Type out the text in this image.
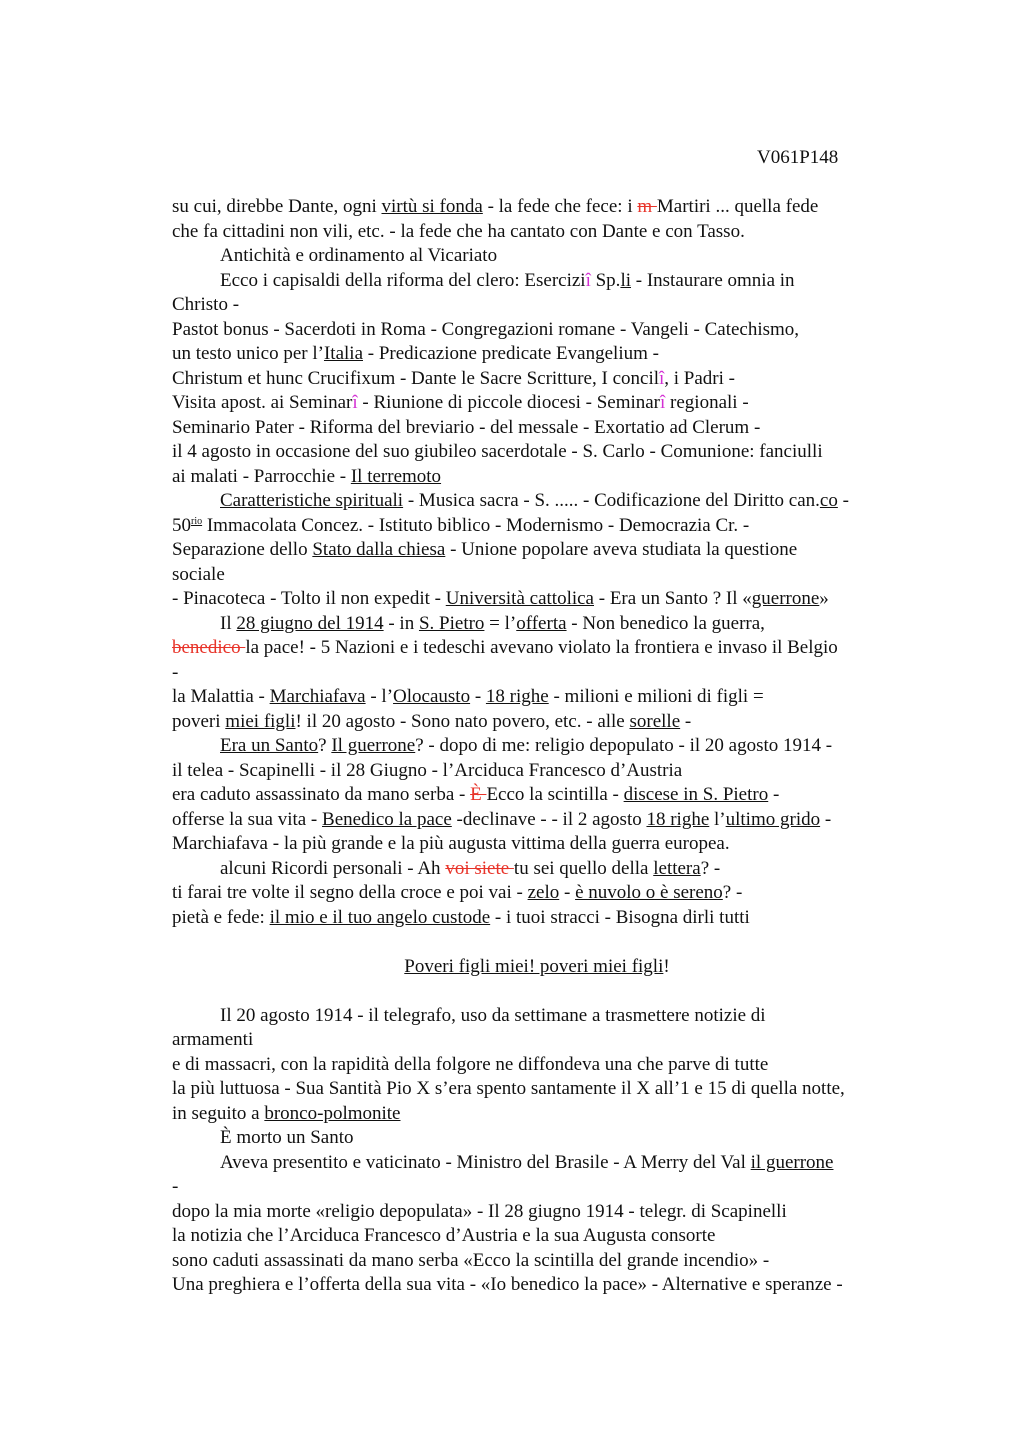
V061P148
su cui, direbbe Dante, ogni virtù si fonda - la fede che fece: i m Martiri ... quella fede
che fa cittadini non vili, etc. - la fede che ha cantato con Dante e con Tasso.
Antichità e ordinamento al Vicariato
Ecco i capisaldi della riforma del clero: Eserciziî Sp.li - Instaurare omnia in
Christo -
Pastot bonus - Sacerdoti in Roma - Congregazioni romane - Vangeli - Catechismo,
un testo unico per l’Italia - Predicazione predicate Evangelium -
Christum et hunc Crucifixum - Dante le Sacre Scritture, I concilî, i Padri -
Visita apost. ai Seminarî - Riunione di piccole diocesi - Seminarî regionali -
Seminario Pater - Riforma del breviario - del messale - Exortatio ad Clerum -
il 4 agosto in occasione del suo giubileo sacerdotale - S. Carlo - Comunione: fanciulli
ai malati - Parrocchie - Il terremoto
Caratteristiche spirituali - Musica sacra - S. ..... - Codificazione del Diritto can.co -
$50^{rio}$ Immacolata Concez. - Istituto biblico - Modernismo - Democrazia Cr. -
Separazione dello Stato dalla chiesa - Unione popolare aveva studiata la questione
sociale
- Pinacoteca - Tolto il non expedit - Università cattolica - Era un Santo ? Il «guerrone»
Il 28 giugno del 1914 - in S. Pietro = l’offerta - Non benedico la guerra,
benedico la pace! - 5 Nazioni e i tedeschi avevano violato la frontiera e invaso il Belgio
-
la Malattia - Marchiafava - l’Olocausto - 18 righe - milioni e milioni di figli =
poveri miei figli! il 20 agosto - Sono nato povero, etc. - alle sorelle -
Era un Santo? Il guerrone? - dopo di me: religio depopulato - il 20 agosto 1914 -
il telea - Scapinelli - il 28 Giugno - l’Arciduca Francesco d’Austria
era caduto assassinato da mano serba - È Ecco la scintilla - discese in S. Pietro -
offerse la sua vita - Benedico la pace -declinave - - il 2 agosto 18 righe l’ultimo grido -
Marchiafava - la più grande e la più augusta vittima della guerra europea.
alcuni Ricordi personali - Ah voi siete tu sei quello della lettera? -
ti farai tre volte il segno della croce e poi vai - zelo - è nuvolo o è sereno? -
pietà e fede: il mio e il tuo angelo custode - i tuoi stracci - Bisogna dirli tutti
Poveri figli miei! poveri miei figli!
Il 20 agosto 1914 - il telegrafo, uso da settimane a trasmettere notizie di
armamenti
e di massacri, con la rapidità della folgore ne diffondeva una che parve di tutte
la più luttuosa - Sua Santità Pio X s’era spento santamente il X all’1 e 15 di quella notte,
in seguito a bronco-polmonite
È morto un Santo
Aveva presentito e vaticinato - Ministro del Brasile - A Merry del Val il guerrone
-
dopo la mia morte «religio depopulata» - Il 28 giugno 1914 - telegr. di Scapinelli
la notizia che l’Arciduca Francesco d’Austria e la sua Augusta consorte
sono caduti assassinati da mano serba «Ecco la scintilla del grande incendio» -
Una preghiera e l’offerta della sua vita - «Io benedico la pace» - Alternative e speranze -
